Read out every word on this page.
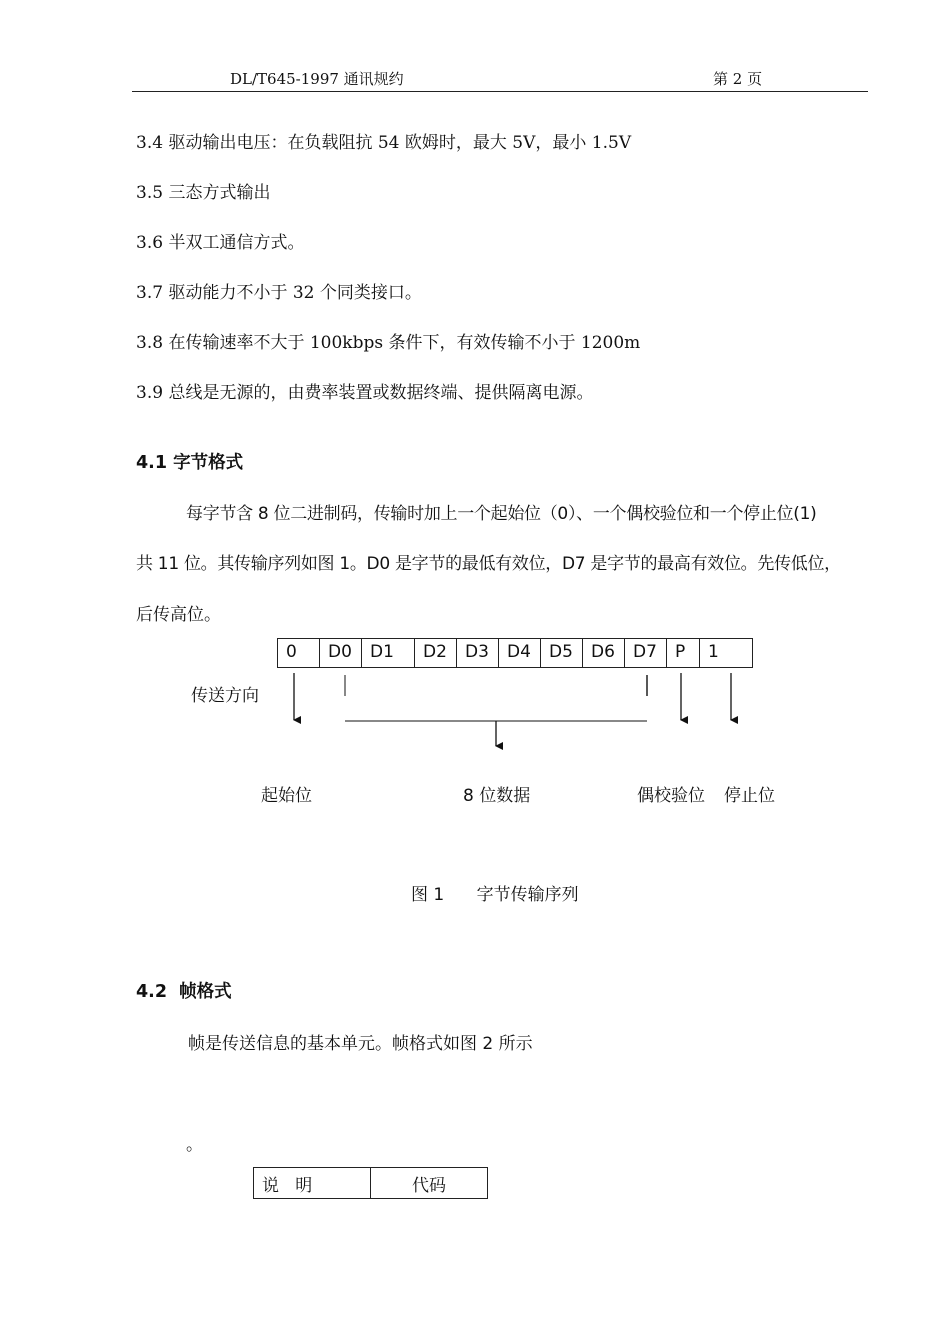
DL/T645-1997 通讯规约	第 2 页
3.4 驱动输出电压：在负载阻抗 54 欧姆时，最大 5V，最小 1.5V
3.5 三态方式输出
3.6 半双工通信方式。
3.7 驱动能力不小于 32 个同类接口。
3.8 在传输速率不大于 100kbps 条件下，有效传输不小于 1200m
3.9 总线是无源的，由费率装置或数据终端、提供隔离电源。
4.1 字节格式
每字节含 8 位二进制码，传输时加上一个起始位（0）、一个偶校验位和一个停止位(1)
共 11 位。其传输序列如图 1。D0 是字节的最低有效位，D7 是字节的最高有效位。先传低位，
后传高位。
0	D0	D1	D2	D3	D4	D5	D6	D7	P	1
传送方向
起始位	8 位数据	偶校验位 停止位
图 1      字节传输序列
4.2  帧格式
帧是传送信息的基本单元。帧格式如图 2 所示
。
说   明	代码
